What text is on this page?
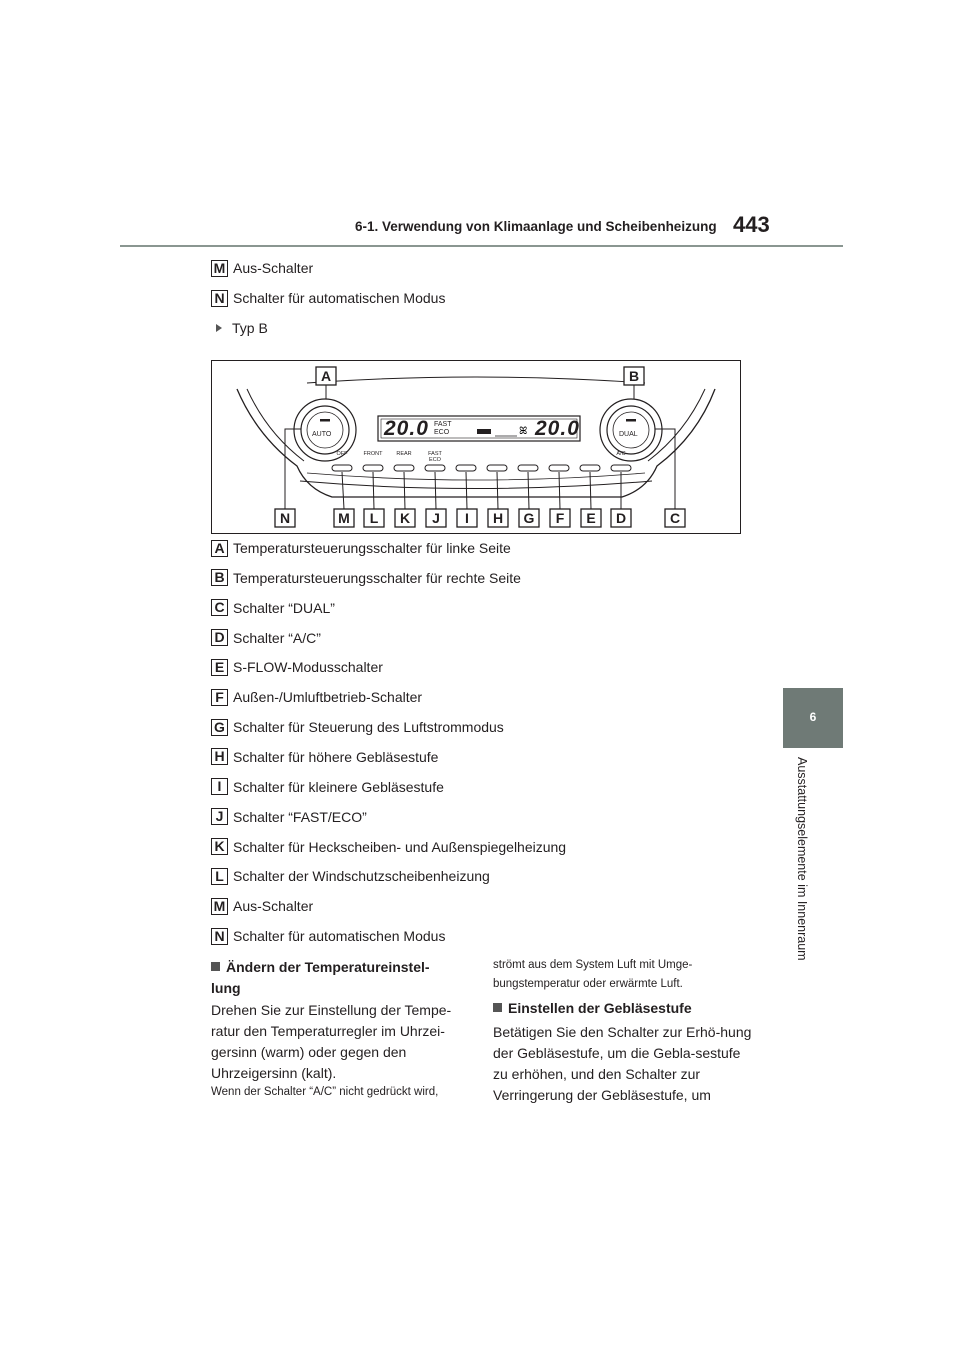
6-1. Verwendung von Klimaanlage und Scheibenheizung 443
6
Ausstattungselemente im Innenraum
M Aus-Schalter
N Schalter für automatischen Modus
Typ B
ꕤ
20.0	20.0
FAST
ECO
AUTO	DUAL
A	B
OFF	FRONT	REAR	FAST
ECO
A/C
N	M	L	K	J	I	H	G	F	E	D	C
A Temperatursteuerungsschalter für linke Seite
B Temperatursteuerungsschalter für rechte Seite
C Schalter “DUAL”
D Schalter “A/C”
E S-FLOW-Modusschalter
F Außen-/Umluftbetrieb-Schalter
G Schalter für Steuerung des Luftstrommodus
H Schalter für höhere Gebläsestufe
I Schalter für kleinere Gebläsestufe
J Schalter “FAST/ECO”
K Schalter für Heckscheiben- und Außenspiegelheizung
L Schalter der Windschutzscheibenheizung
M Aus-Schalter
N Schalter für automatischen Modus
Ändern der Temperatureinstel-
lung
Drehen Sie zur Einstellung der Tempe-ratur den Temperaturregler im Uhrzei-gersinn (warm) oder gegen den Uhrzeigersinn (kalt).
Wenn der Schalter “A/C” nicht gedrückt wird,
strömt aus dem System Luft mit Umge-bungstemperatur oder erwärmte Luft.
Einstellen der Gebläsestufe
Betätigen Sie den Schalter zur Erhö-hung der Gebläsestufe, um die Gebla-sestufe zu erhöhen, und den Schalter zur Verringerung der Gebläsestufe, um
